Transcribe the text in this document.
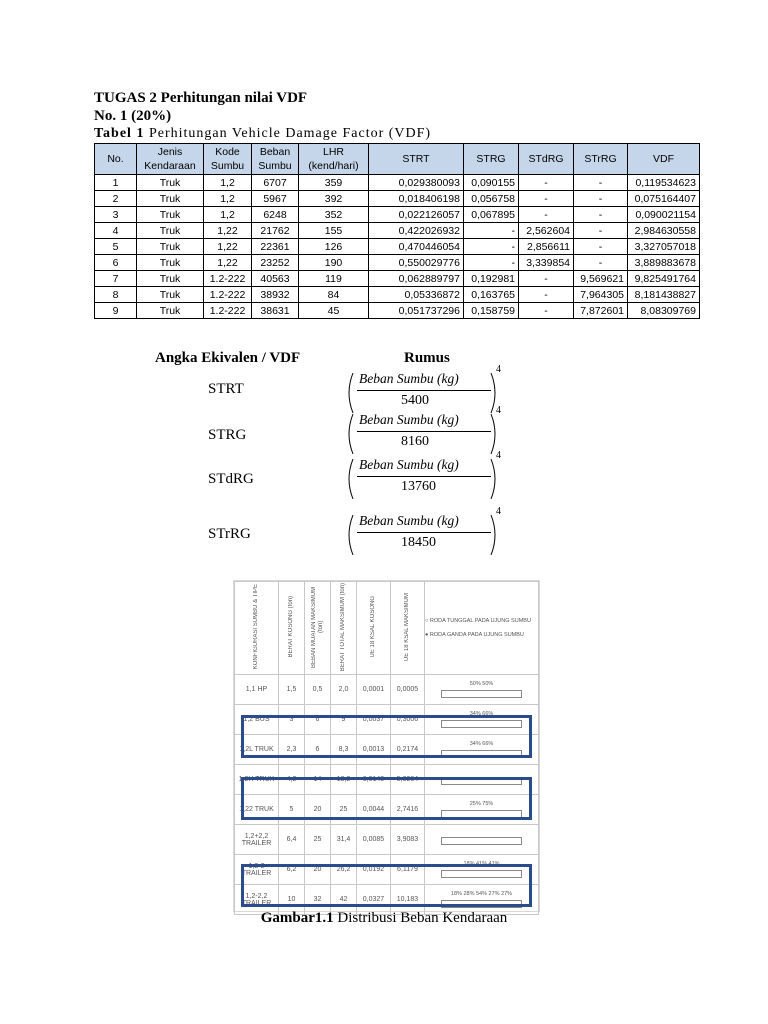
TUGAS 2 Perhitungan nilai VDF
No. 1 (20%)
Tabel 1 Perhitungan Vehicle Damage Factor (VDF)
No.	Jenis Kendaraan	Kode Sumbu	Beban Sumbu	LHR (kend/hari)	STRT	STRG	STdRG	STrRG	VDF
1	Truk	1,2	6707	359	0,029380093	0,090155	-	-	0,119534623
2	Truk	1,2	5967	392	0,018406198	0,056758	-	-	0,075164407
3	Truk	1,2	6248	352	0,022126057	0,067895	-	-	0,090021154
4	Truk	1,22	21762	155	0,422026932	-	2,562604	-	2,984630558
5	Truk	1,22	22361	126	0,470446054	-	2,856611	-	3,327057018
6	Truk	1,22	23252	190	0,550029776	-	3,339854	-	3,889883678
7	Truk	1.2-222	40563	119	0,062889797	0,192981	-	9,569621	9,825491764
8	Truk	1.2-222	38932	84	0,05336872	0,163765	-	7,964305	8,181438827
9	Truk	1.2-222	38631	45	0,051737296	0,158759	-	7,872601	8,08309769
Angka Ekivalen / VDF	Rumus
STRT
STRG
STdRG
STrRG
Beban Sumbu (kg)
5400
4
Beban Sumbu (kg)
8160
4
Beban Sumbu (kg)
13760
4
Beban Sumbu (kg)
18450
4
KONFIGURASI SUMBU & TIPE	BERAT KOSONG (ton)	BEBAN MUATAN MAKSIMUM (ton)	BERAT TOTAL MAKSIMUM (ton)	UE 18 KSAL KOSONG	UE 18 KSAL MAKSIMUM	○ RODA TUNGGAL PADA UJUNG SUMBU
● RODA GANDA PADA UJUNG SUMBU

1,1 HP	1,5	0,5	2,0	0,0001	0,0005	50% 50%

1,2 BUS	3	6	9	0,0037	0,3006	34% 66%

1,2L TRUK	2,3	6	8,3	0,0013	0,2174	34% 66%

1,2H TRUK	4,2	14	18,2	0,0143	5,0264	

1,22 TRUK	5	20	25	0,0044	2,7416	25% 75%

1,2+2,2 TRAILER	6,4	25	31,4	0,0085	3,9083	

1,2-2 TRAILER	6,2	20	26,2	0,0192	6,1179	18% 41% 41%

1,2-2,2 TRAILER	10	32	42	0,0327	10,183	18% 28% 54% 27% 27%
Gambar1.1 Distribusi Beban Kendaraan
